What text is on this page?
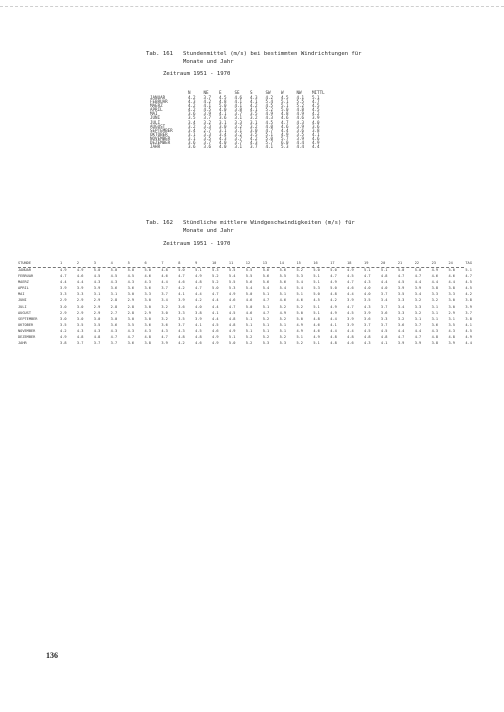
Tab. 161   Stundenmittel (m/s) bei bestimmten Windrichtungen für
Monate und Jahr
Zeitraum 1951 - 1970
	N	NE	E	SE	S	SW	W	NW	MITTL
JANUAR	4.2	3.7	4.5	4.6	4.3	4.2	4.5	4.1	5.1
FEBRUAR	4.3	4.2	4.8	4.1	4.1	5.4	5.1	5.5	4.7
MAERZ	4.2	4.1	5.0	4.1	4.2	4.5	5.1	5.2	4.5
APRIL	4.2	4.5	4.0	3.8	4.1	5.2	5.0	4.8	4.5
MAI	3.6	3.9	4.1	3.7	3.5	4.9	4.8	4.9	4.2
JUNI	3.5	3.7	3.6	3.1	3.2	4.3	4.6	4.6	3.9
JULI	3.4	3.2	3.1	3.3	3.1	4.5	4.7	4.3	4.0
AUGUST	3.2	3.3	3.0	3.2	3.2	4.0	4.6	3.9	3.6
SEPTEMBER	3.4	2.7	3.1	3.1	3.0	4.7	4.4	3.6	3.8
OKTOBER	3.1	3.3	3.4	3.2	3.5	5.1	4.9	3.5	4.1
NOVEMBER	3.1	3.5	4.3	3.7	4.2	5.0	5.7	3.9	4.6
DEZEMBER	3.6	3.7	4.0	3.7	4.3	5.7	6.0	4.4	4.9
JAHR	3.6	3.6	4.0	3.1	3.7	4.1	5.3	4.4	4.4
Tab. 162   Stündliche mittlere Windgeschwindigkeiten (m/s) für
Monate und Jahr
Zeitraum 1951 - 1970
STUNDE	1	2	3	4	5	6	7	8	9	10	11	12	13	14	15	16	17	18	19	20	21	22	23	24	TAG
JANUAR	4.9	4.9	5.0	5.0	5.0	5.0	4.8	5.0	5.1	5.3	5.5	5.5	5.6	5.6	5.2	5.0	5.0	4.9	5.1	5.1	5.0	5.0	4.9	5.0	5.1
FEBRUAR	4.7	4.6	4.5	4.5	4.5	4.6	4.6	4.7	4.9	5.2	5.4	5.5	5.6	5.5	5.3	5.1	4.7	4.5	4.7	4.8	4.7	4.7	4.6	4.6	4.7
MAERZ	4.4	4.4	4.3	4.3	4.3	4.3	4.4	4.6	4.8	5.2	5.5	5.6	5.6	5.6	5.4	5.1	4.9	4.7	4.3	4.4	4.5	4.4	4.4	4.4	4.5
APRIL	3.9	3.9	3.9	3.6	3.6	3.6	3.7	4.2	4.7	5.0	5.3	5.4	5.4	5.4	5.4	5.3	5.0	4.6	4.0	4.0	3.9	3.9	3.8	3.8	4.5
MAI	3.3	3.3	3.1	3.1	3.0	3.3	3.7	4.1	4.4	4.7	4.9	5.0	5.1	5.1	5.1	5.0	4.8	4.4	4.0	3.7	3.5	3.4	3.3	3.3	4.2
JUNI	2.9	2.9	2.9	2.8	2.9	3.0	3.4	3.9	4.2	4.4	4.6	4.6	4.7	4.6	4.6	4.5	4.2	3.9	3.5	3.4	3.3	3.2	3.2	3.0	3.8
JULI	3.0	3.0	2.9	2.8	2.8	3.0	3.2	3.6	4.0	4.4	4.7	5.0	5.1	5.2	5.2	5.1	4.9	4.7	4.3	3.7	3.4	3.3	3.1	3.0	3.9
AUGUST	2.9	2.9	2.9	2.7	2.8	2.9	3.0	3.3	3.8	4.1	4.5	4.6	4.7	4.9	5.0	5.1	4.9	4.5	3.9	3.6	3.3	3.2	3.1	2.9	3.7
SEPTEMBER	3.0	3.0	3.0	3.0	3.0	3.0	3.2	3.5	3.9	4.4	4.8	5.1	5.2	5.2	5.0	4.8	4.4	3.9	3.6	3.3	3.2	3.1	3.1	3.1	3.8
OKTOBER	3.5	3.5	3.5	3.6	3.5	3.6	3.6	3.7	4.1	4.5	4.8	5.1	5.1	5.1	4.9	4.6	4.1	3.9	3.7	3.7	3.6	3.7	3.6	3.5	4.1
NOVEMBER	4.2	4.3	4.3	4.3	4.3	4.3	4.3	4.3	4.5	4.6	4.9	5.1	5.1	5.1	4.9	4.6	4.4	4.4	4.5	4.5	4.4	4.4	4.3	4.3	4.5
DEZEMBER	4.9	4.8	4.8	4.7	4.7	4.8	4.7	4.8	4.8	4.9	5.1	5.2	5.2	5.2	5.1	4.9	4.8	4.8	4.8	4.8	4.7	4.7	4.8	4.8	4.9
JAHR	3.8	3.7	3.7	3.7	3.6	3.8	3.9	4.2	4.6	4.9	5.0	5.2	5.3	5.3	5.2	5.1	4.8	4.6	4.3	4.1	3.9	3.9	3.8	3.9	4.4
136
